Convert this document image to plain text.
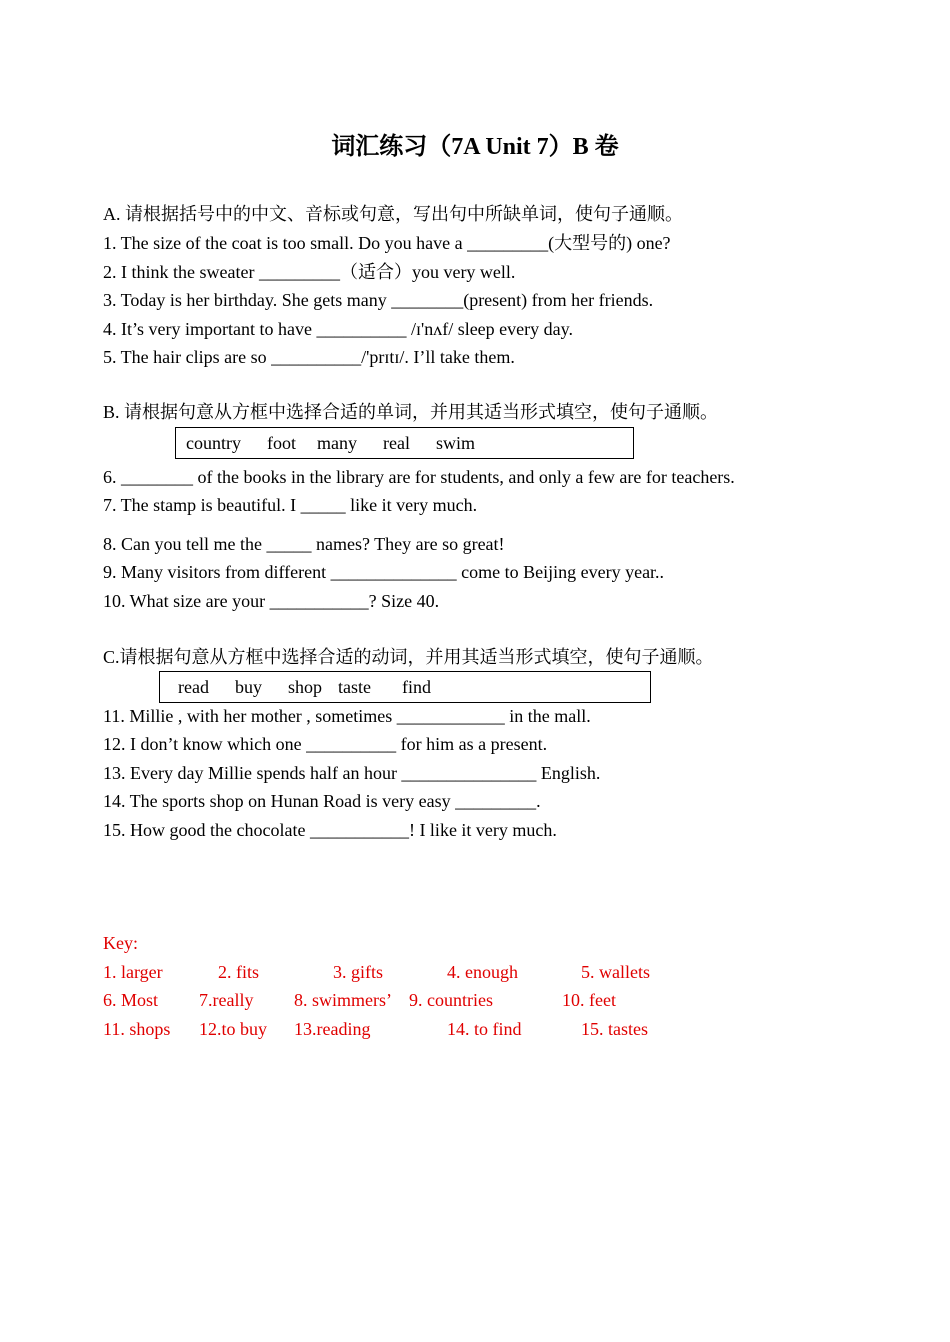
词汇练习（7A Unit 7）B 卷
A. 请根据括号中的中文、音标或句意，写出句中所缺单词，使句子通顺。
1. The size of the coat is too small. Do you have a _________(大型号的) one?
2. I think the sweater _________（适合）you very well.
3. Today is her birthday. She gets many ________(present) from her friends.
4. It’s very important to have __________ /ɪ'nʌf/ sleep every day.
5. The hair clips are so __________/'prɪtɪ/. I’ll take them.
B. 请根据句意从方框中选择合适的单词，并用其适当形式填空，使句子通顺。

country

foot

many

real

swim

6. ________ of the books in the library are for students, and only a few are for teachers.
7. The stamp is beautiful. I _____ like it very much.
8. Can you tell me the _____ names? They are so great!
9. Many visitors from different ______________ come to Beijing every year..
10. What size are your ___________? Size 40.
C.请根据句意从方框中选择合适的动词，并用其适当形式填空，使句子通顺。

read

buy

shop

taste

find

11. Millie , with her mother , sometimes ____________ in the mall.
12. I don’t know which one __________ for him as a present.
13. Every day Millie spends half an hour _______________ English.
14. The sports shop on Hunan Road is very easy _________.
15. How good the chocolate ___________! I like it very much.
Key:
1. larger	2. fits	3. gifts	4. enough	5. wallets
6. Most 7.really 8. swimmers’ 9. countries	10. feet
11. shops 12.to buy 13.reading	14. to find	15. tastes
